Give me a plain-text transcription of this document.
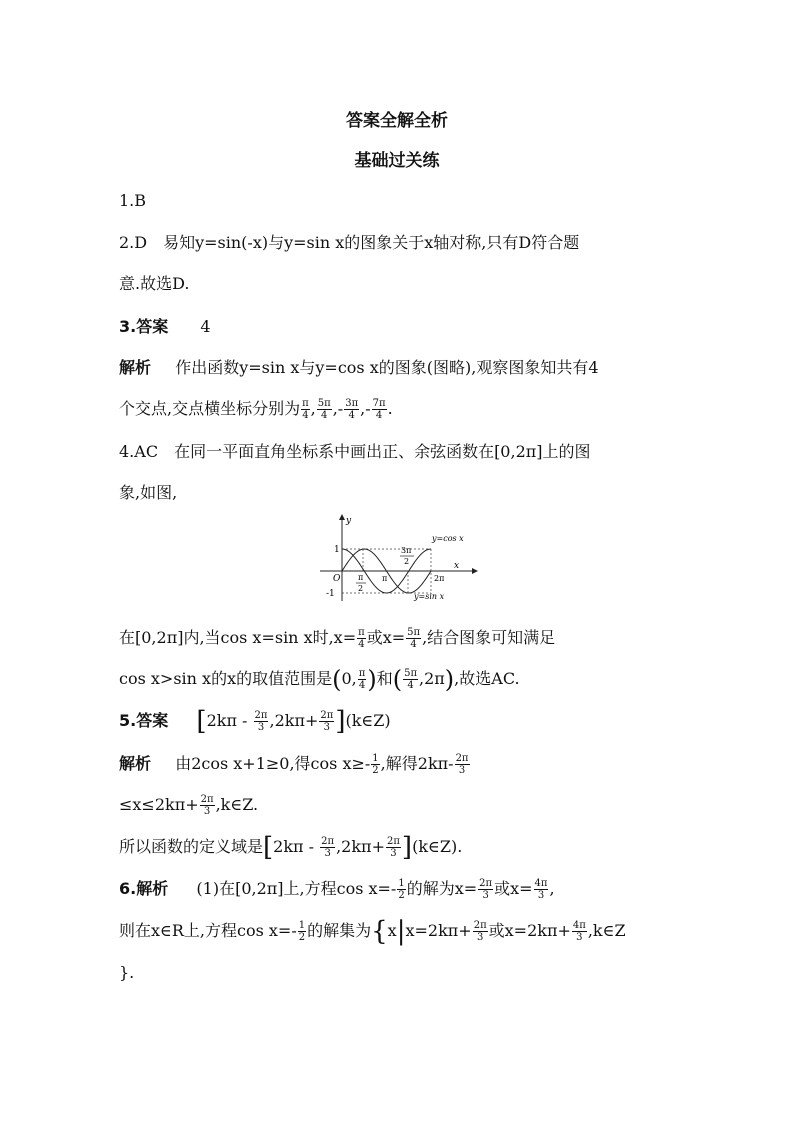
答案全解全析
基础过关练
1.B
2.D　易知y=sin(-x)与y=sin x的图象关于x轴对称,只有D符合题
意.故选D.
3.答案 4
解析 作出函数y=sin x与y=cos x的图象(图略),观察图象知共有4
个交点,交点横坐标分别为 $\frac{\pi}{4}$ , $\frac{5\pi}{4}$ ,- $\frac{3\pi}{4}$ ,- $\frac{7\pi}{4}$ .
4.AC　在同一平面直角坐标系中画出正、余弦函数在[0,2π]上的图
象,如图,
y
x
O
1
-1
π
2
π
3π
2
2π
y=cos x
y=sin x
在[0,2π]内,当cos x=sin x时$,x= \frac{\pi}{4}$ 或$x= \frac{5\pi}{4}$ ,结合图象可知满足
cos x>sin x的x的取值范围是(0, $\frac{\pi}{4}$ )和( $\frac{5\pi}{4} ,2\pi$),故选AC.
5.答案 [$2k\pi - \frac{2\pi}{3} ,2k\pi+ \frac{2\pi}{3}$ ](k∈Z)
解析 由2cos x+1≥0,得$\cos x\ge- \frac{1}{2}$ ,解得$2k\pi- \frac{2\pi}{3}$
$\le x\le 2k\pi+ \frac{2\pi}{3}$ ,k∈Z.
所以函数的定义域是[$2k\pi - \frac{2\pi}{3} ,2k\pi+ \frac{2\pi}{3}$ ](k∈Z).
6.解析 (1)在[0,2π]上,方程$\cos x=- \frac{1}{2}$ 的解为$x= \frac{2\pi}{3}$ 或$x= \frac{4\pi}{3}$ ,
则在x∈R上,方程$\cos x=- \frac{1}{2}$ 的解集为{$x|x=2k\pi+ \frac{2\pi}{3}$ 或$x=2k\pi+ \frac{4\pi}{3}$ ,k∈Z
}.
